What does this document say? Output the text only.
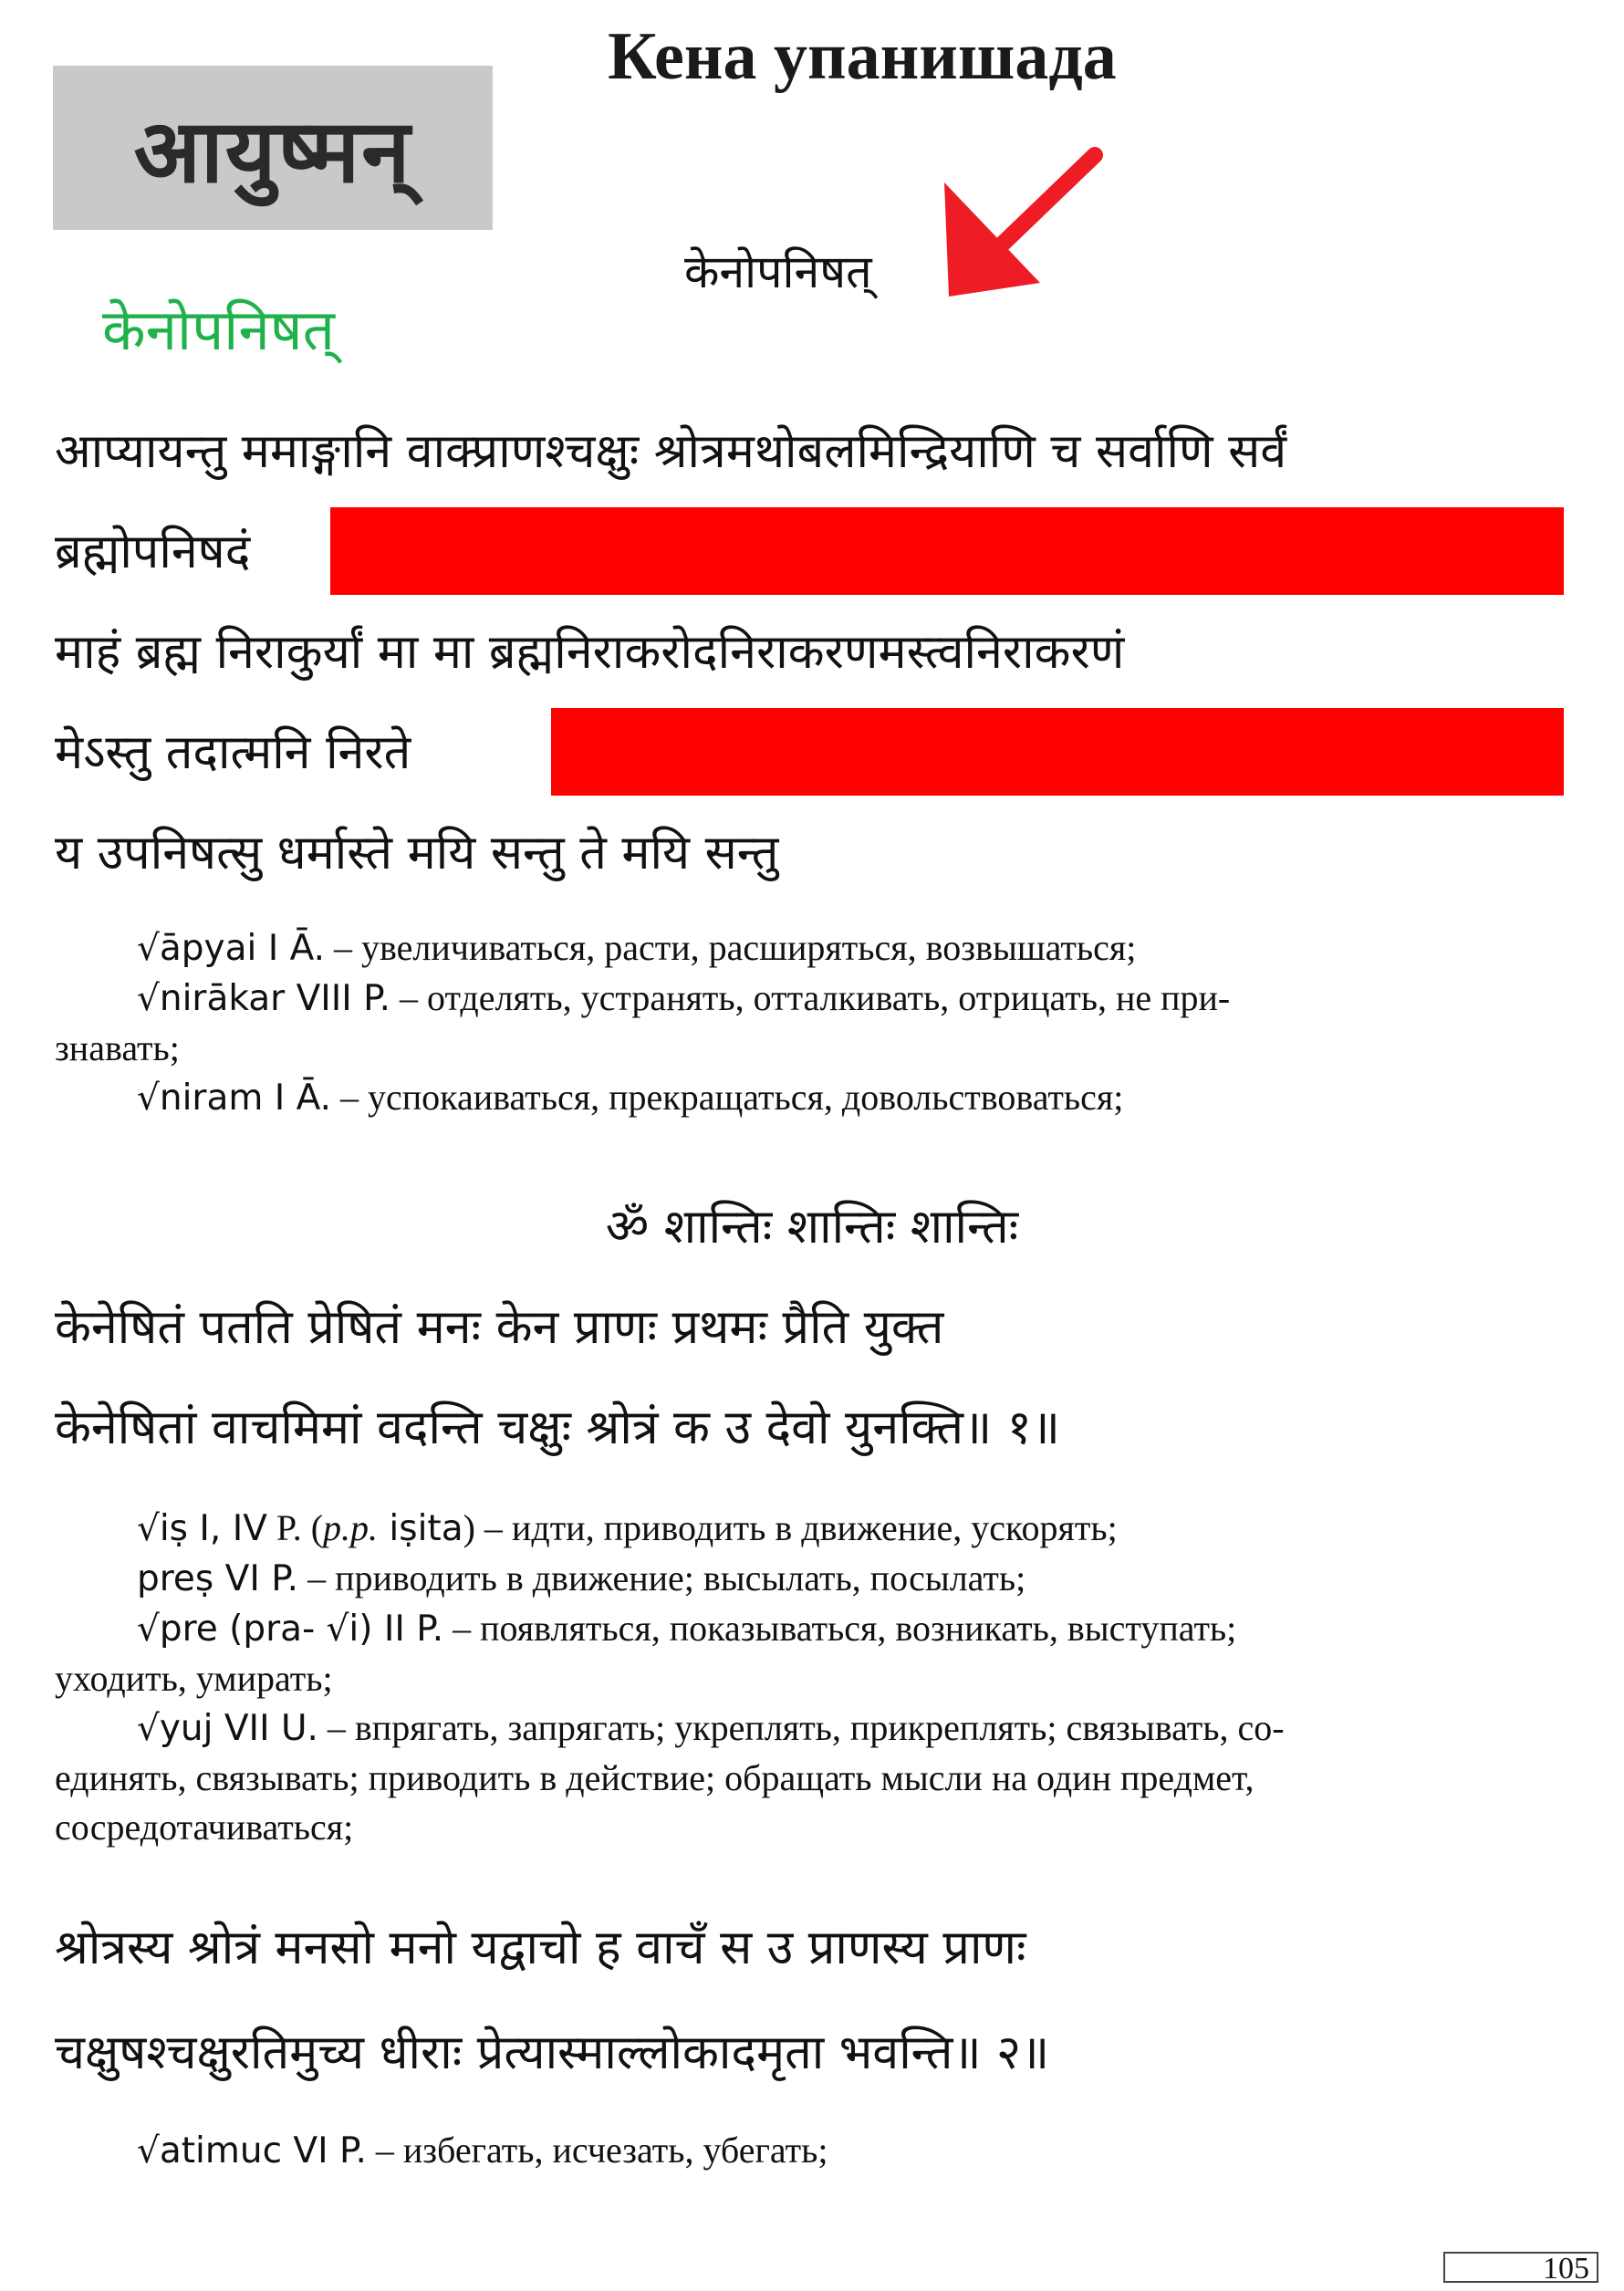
Кена упанишада
आयुष्मन्
केनोपनिषत्
केनोपनिषत्
आप्यायन्तु ममाङ्गानि वाक्प्राणश्चक्षुः श्रोत्रमथोबलमिन्द्रियाणि च सर्वाणि सर्वं
ब्रह्मोपनिषदं
माहं ब्रह्म निराकुर्यां मा मा ब्रह्मनिराकरोदनिराकरणमस्त्वनिराकरणं
मेऽस्तु तदात्मनि निरते
य उपनिषत्सु धर्मास्ते मयि सन्तु ते मयि सन्तु
√āpyai I Ā. – увеличиваться, расти, расширяться, возвышаться;
√nirākar VIII P. – отделять, устранять, отталкивать, отрицать, не при-
знавать;
√niram I Ā. – успокаиваться, прекращаться, довольствоваться;
ॐ शान्तिः शान्तिः शान्तिः
केनेषितं पतति प्रेषितं मनः केन प्राणः प्रथमः प्रैति युक्त
केनेषितां वाचमिमां वदन्ति चक्षुः श्रोत्रं क उ देवो युनक्ति॥ १॥
√iṣ I, IV P. (p.p. iṣita) – идти, приводить в движение, ускорять;
preṣ VI P. – приводить в движение; высылать, посылать;
√pre (pra- √i) II P. – появляться, показываться, возникать, выступать;
уходить, умирать;
√yuj VII U. – впрягать, запрягать; укреплять, прикреплять; связывать, со-
единять, связывать; приводить в действие; обращать мысли на один предмет,
сосредотачиваться;
श्रोत्रस्य श्रोत्रं मनसो मनो यद्वाचो ह वाचँ स उ प्राणस्य प्राणः
चक्षुषश्चक्षुरतिमुच्य धीराः प्रेत्यास्माल्लोकादमृता भवन्ति॥ २॥
√atimuc VI P. – избегать, исчезать, убегать;
105
